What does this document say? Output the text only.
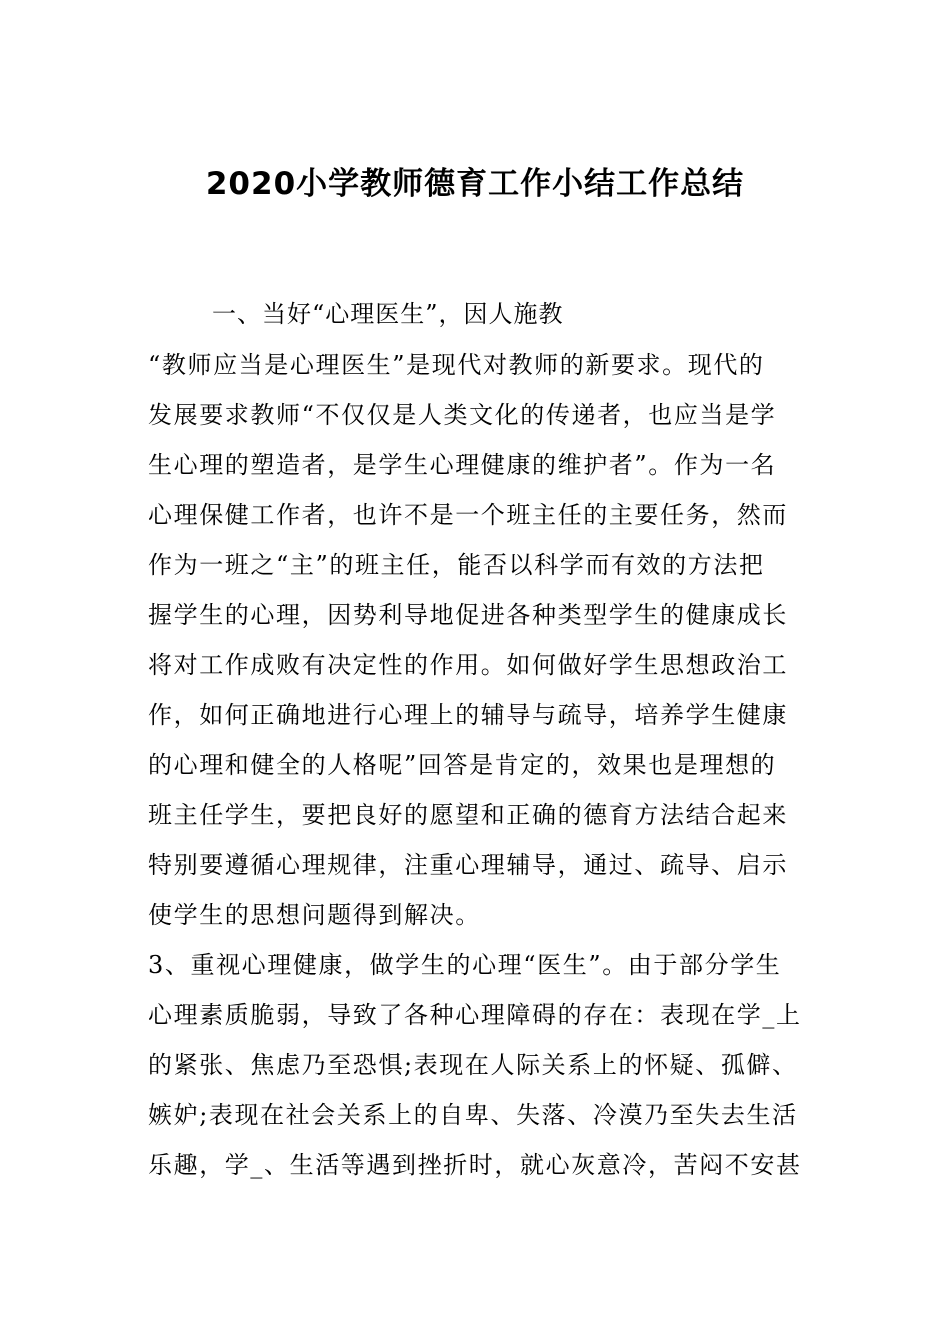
2020小学教师德育工作小结工作总结
一、当好“心理医生”，因人施教
“教师应当是心理医生”是现代对教师的新要求。现代的
发展要求教师“不仅仅是人类文化的传递者，也应当是学
生心理的塑造者，是学生心理健康的维护者”。作为一名
心理保健工作者，也许不是一个班主任的主要任务，然而
作为一班之“主”的班主任，能否以科学而有效的方法把
握学生的心理，因势利导地促进各种类型学生的健康成长
将对工作成败有决定性的作用。如何做好学生思想政治工
作，如何正确地进行心理上的辅导与疏导，培养学生健康
的心理和健全的人格呢”回答是肯定的，效果也是理想的
班主任学生，要把良好的愿望和正确的德育方法结合起来
特别要遵循心理规律，注重心理辅导，通过、疏导、启示
使学生的思想问题得到解决。
3、重视心理健康，做学生的心理“医生”。由于部分学生
心理素质脆弱，导致了各种心理障碍的存在：表现在学_上
的紧张、焦虑乃至恐惧;表现在人际关系上的怀疑、孤僻、
嫉妒;表现在社会关系上的自卑、失落、冷漠乃至失去生活
乐趣，学_、生活等遇到挫折时，就心灰意冷，苦闷不安甚
